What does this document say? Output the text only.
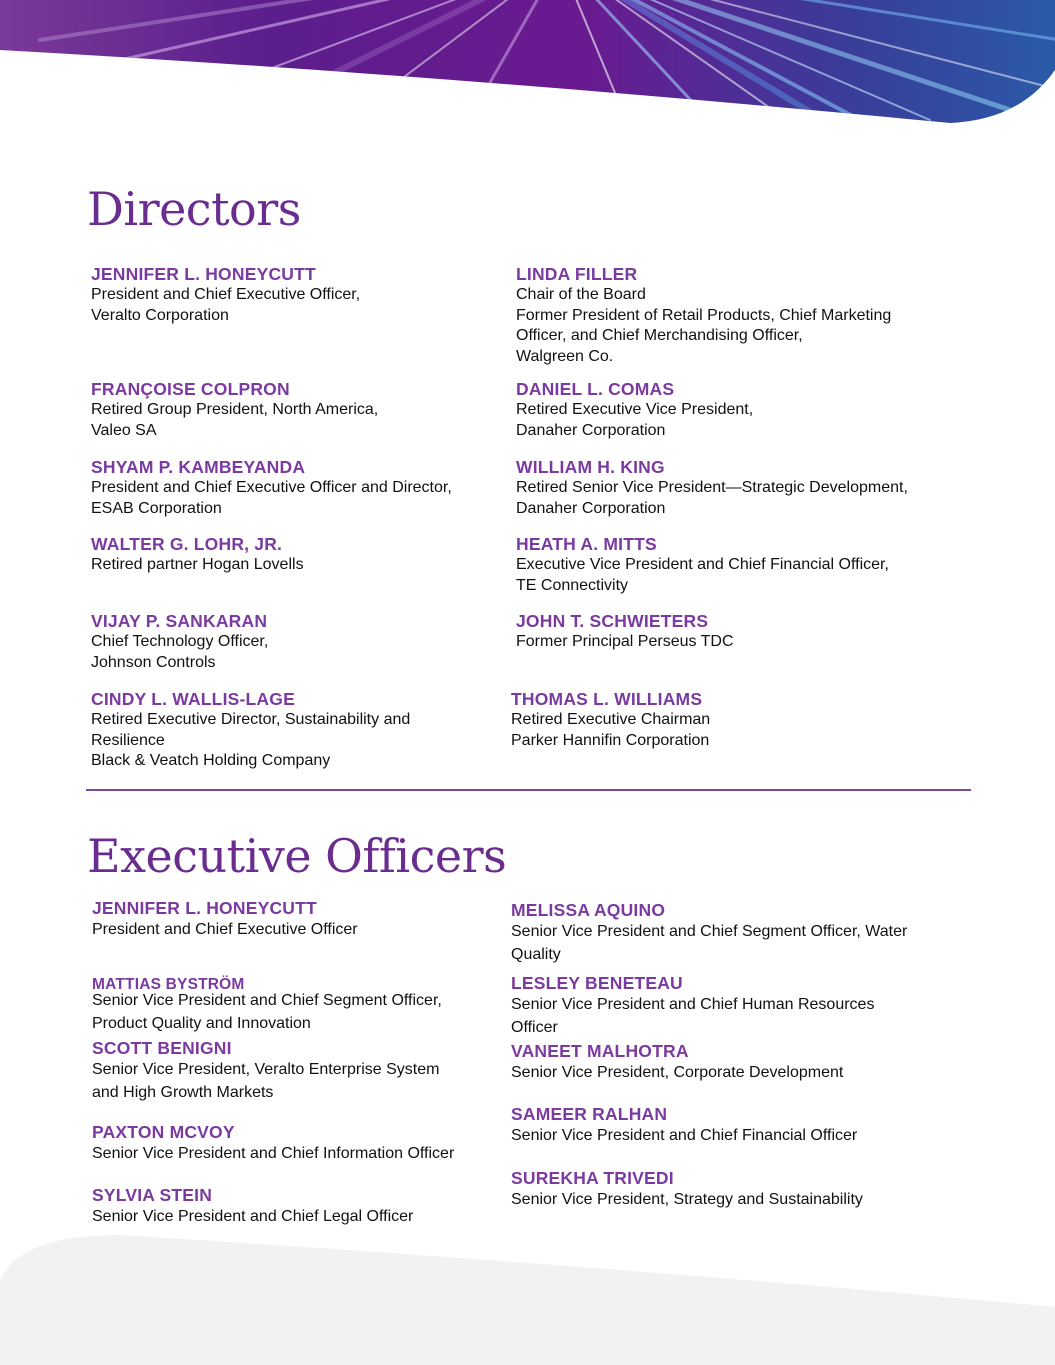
Directors
JENNIFER L. HONEYCUTT
President and Chief Executive Officer,
Veralto Corporation
LINDA FILLER
Chair of the Board
Former President of Retail Products, Chief Marketing
Officer, and Chief Merchandising Officer,
Walgreen Co.
FRANÇOISE COLPRON
Retired Group President, North America,
Valeo SA
DANIEL L. COMAS
Retired Executive Vice President,
Danaher Corporation
SHYAM P. KAMBEYANDA
President and Chief Executive Officer and Director,
ESAB Corporation
WILLIAM H. KING
Retired Senior Vice President—Strategic Development,
Danaher Corporation
WALTER G. LOHR, JR.
Retired partner Hogan Lovells
HEATH A. MITTS
Executive Vice President and Chief Financial Officer,
TE Connectivity
VIJAY P. SANKARAN
Chief Technology Officer,
Johnson Controls
JOHN T. SCHWIETERS
Former Principal Perseus TDC
CINDY L. WALLIS-LAGE
Retired Executive Director, Sustainability and
Resilience
Black & Veatch Holding Company
THOMAS L. WILLIAMS
Retired Executive Chairman
Parker Hannifin Corporation
Executive Officers
JENNIFER L. HONEYCUTT
President and Chief Executive Officer
MELISSA AQUINO
Senior Vice President and Chief Segment Officer, Water
Quality
MATTIAS BYSTRÖM
Senior Vice President and Chief Segment Officer,
Product Quality and Innovation
LESLEY BENETEAU
Senior Vice President and Chief Human Resources
Officer
SCOTT BENIGNI
Senior Vice President, Veralto Enterprise System
and High Growth Markets
VANEET MALHOTRA
Senior Vice President, Corporate Development
PAXTON MCVOY
Senior Vice President and Chief Information Officer
SAMEER RALHAN
Senior Vice President and Chief Financial Officer
SYLVIA STEIN
Senior Vice President and Chief Legal Officer
SUREKHA TRIVEDI
Senior Vice President, Strategy and Sustainability
